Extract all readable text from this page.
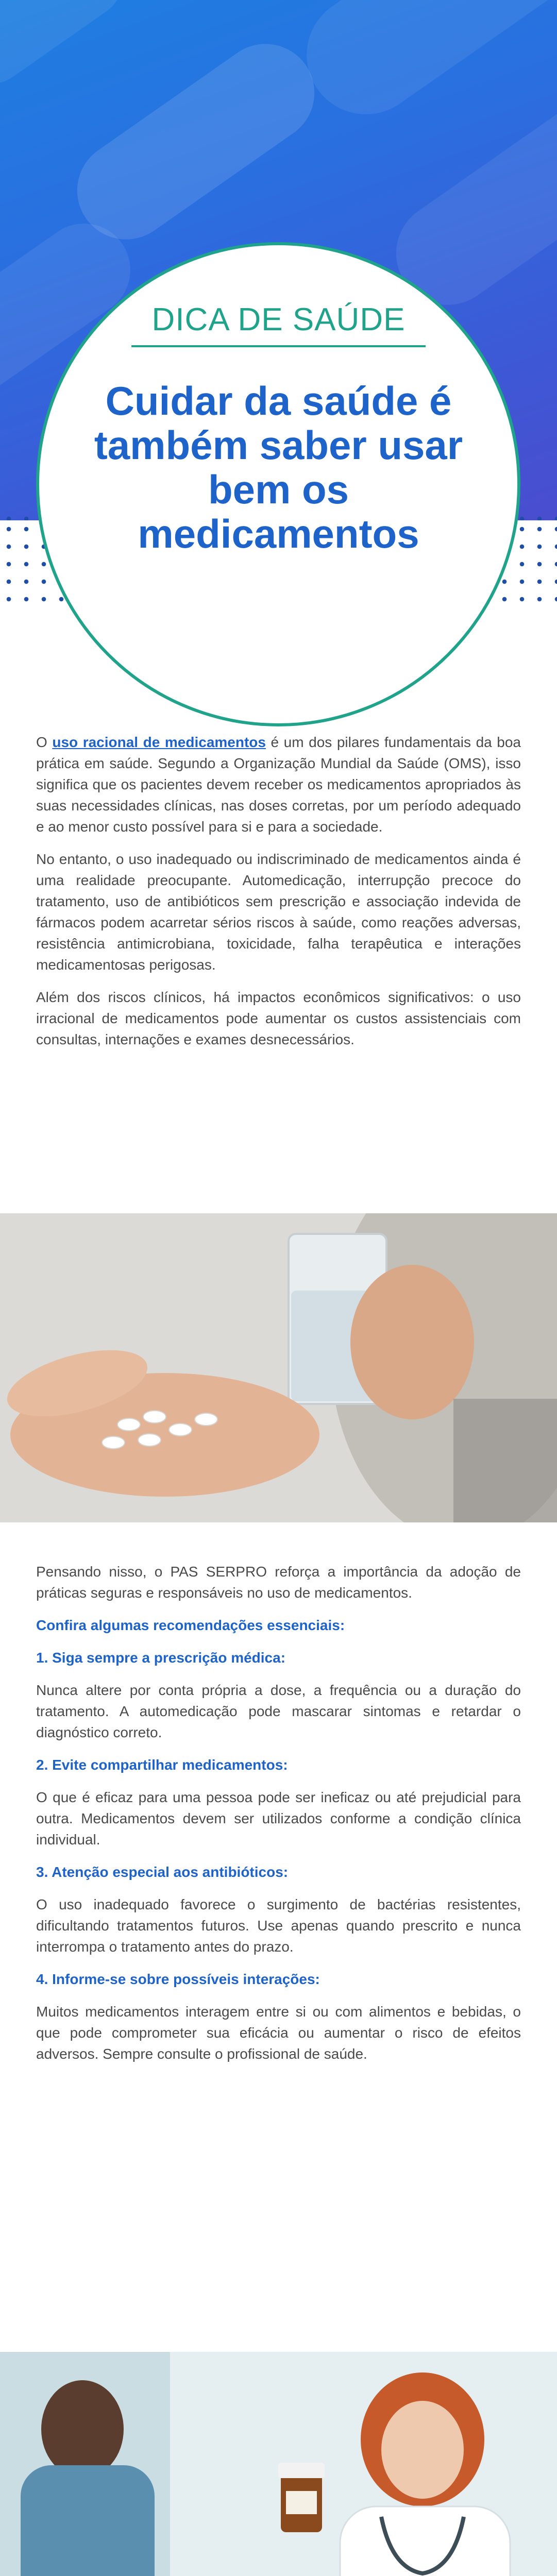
DICA DE SAÚDE
Cuidar da saúde é também saber usar bem os medicamentos

O uso racional de medicamentos é um dos pilares fundamentais da boa prática em saúde. Segundo a Organização Mundial da Saúde (OMS), isso significa que os pacientes devem receber os medicamentos apropriados às suas necessidades clínicas, nas doses corretas, por um período adequado e ao menor custo possível para si e para a sociedade.

No entanto, o uso inadequado ou indiscriminado de medicamentos ainda é uma realidade preocupante. Automedicação, interrupção precoce do tratamento, uso de antibióticos sem prescrição e associação indevida de fármacos podem acarretar sérios riscos à saúde, como reações adversas, resistência antimicrobiana, toxicidade, falha terapêutica e interações medicamentosas perigosas.

Além dos riscos clínicos, há impactos econômicos significativos: o uso irracional de medicamentos pode aumentar os custos assistenciais com consultas, internações e exames desnecessários.

Pensando nisso, o PAS SERPRO reforça a importância da adoção de práticas seguras e responsáveis no uso de medicamentos.

Confira algumas recomendações essenciais:

1. Siga sempre a prescrição médica:

Nunca altere por conta própria a dose, a frequência ou a duração do tratamento. A automedicação pode mascarar sintomas e retardar o diagnóstico correto.

2. Evite compartilhar medicamentos:

O que é eficaz para uma pessoa pode ser ineficaz ou até prejudicial para outra. Medicamentos devem ser utilizados conforme a condição clínica individual.

3. Atenção especial aos antibióticos:

O uso inadequado favorece o surgimento de bactérias resistentes, dificultando tratamentos futuros. Use apenas quando prescrito e nunca interrompa o tratamento antes do prazo.

4. Informe-se sobre possíveis interações:

Muitos medicamentos interagem entre si ou com alimentos e bebidas, o que pode comprometer sua eficácia ou aumentar o risco de efeitos adversos. Sempre consulte o profissional de saúde.
